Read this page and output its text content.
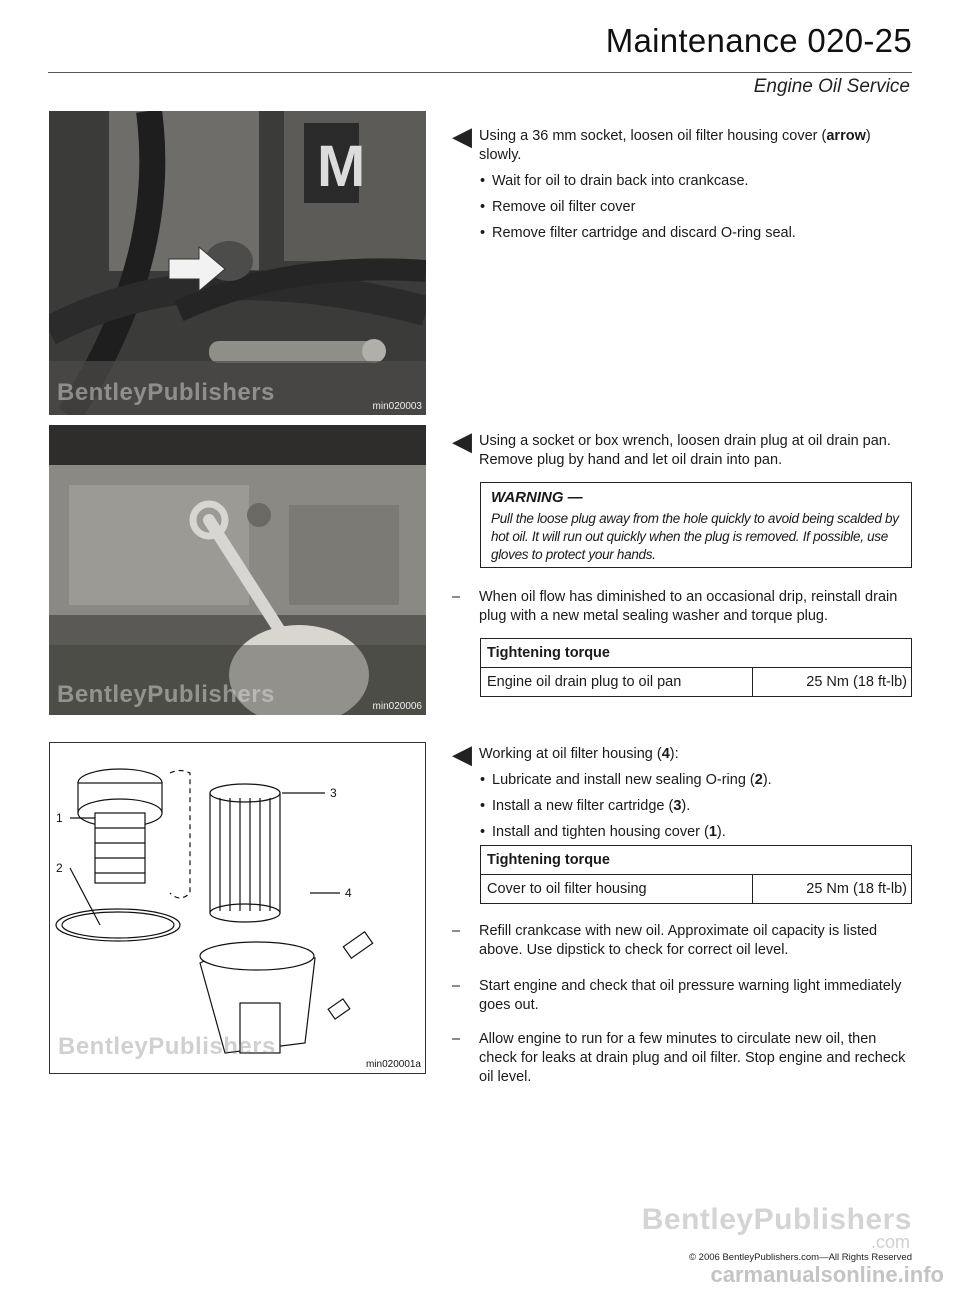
Maintenance 020-25
Engine Oil Service
M
BentleyPublishers
min020003
BentleyPublishers	min020006
1
2
3
4
BentleyPublishers
min020001a
◀ Using a 36 mm socket, loosen oil filter housing cover (arrow) slowly.
• Wait for oil to drain back into crankcase.
• Remove oil filter cover
• Remove filter cartridge and discard O-ring seal.
◀ Using a socket or box wrench, loosen drain plug at oil drain pan. Remove plug by hand and let oil drain into pan.
WARNING —
Pull the loose plug away from the hole quickly to avoid being scalded by hot oil. It will run out quickly when the plug is removed. If possible, use gloves to protect your hands.
– When oil flow has diminished to an occasional drip, reinstall drain plug with a new metal sealing washer and torque plug.
Tightening torque
Engine oil drain plug to oil pan	25 Nm (18 ft-lb)
◀ Working at oil filter housing (4):
• Lubricate and install new sealing O-ring (2).
• Install a new filter cartridge (3).
• Install and tighten housing cover (1).
Tightening torque
Cover to oil filter housing	25 Nm (18 ft-lb)
– Refill crankcase with new oil. Approximate oil capacity is listed above. Use dipstick to check for correct oil level.
– Start engine and check that oil pressure warning light immediately goes out.
– Allow engine to run for a few minutes to circulate new oil, then check for leaks at drain plug and oil filter. Stop engine and recheck oil level.
BentleyPublishers
.com
© 2006 BentleyPublishers.com—All Rights Reserved
carmanualsonline.info
